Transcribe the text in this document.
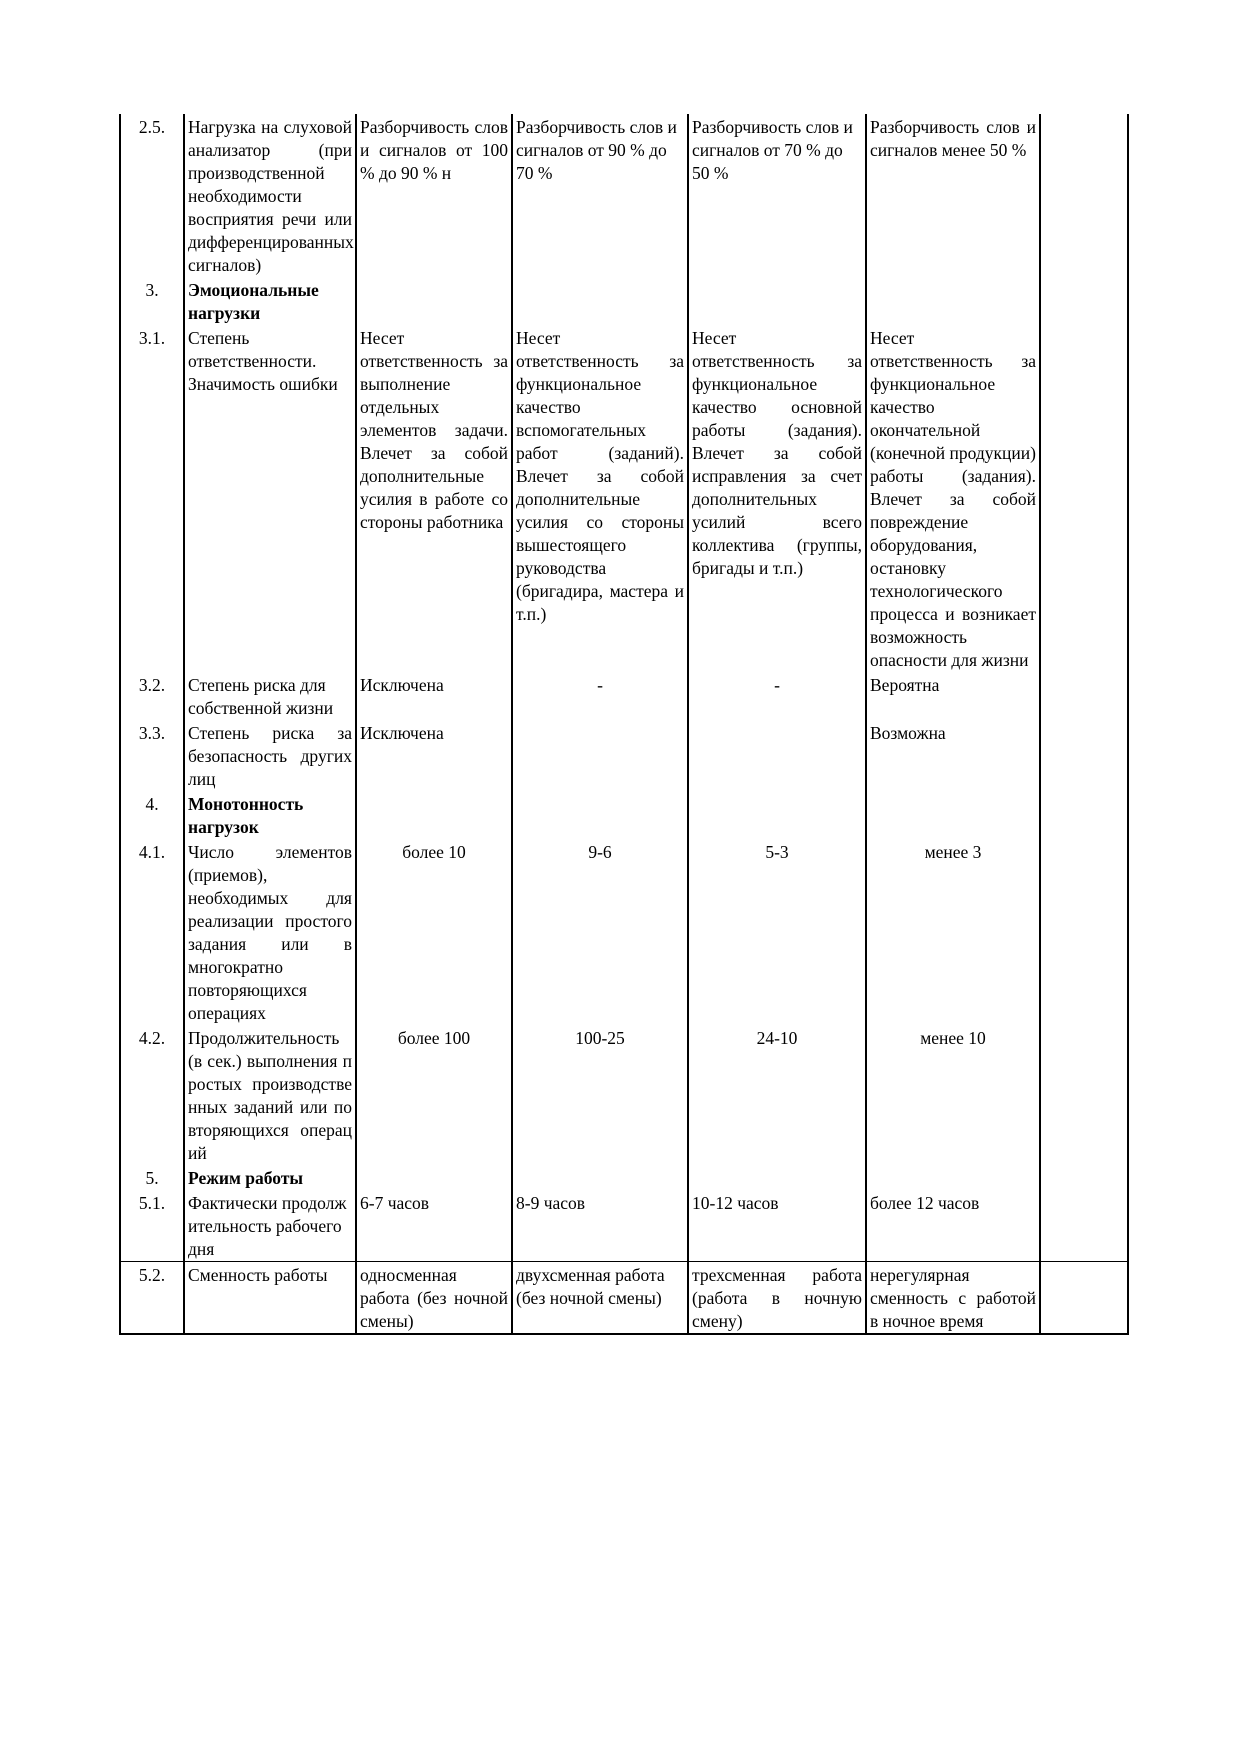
2.5.	Нагрузка на слуховой анализатор (при производственной необходимости восприятия речи или дифференцированных сигналов)	Разборчивость слов и сигналов от 100 % до 90 % н	Разборчивость слов и сигналов от 90 % до 70 %	Разборчивость слов и сигналов от 70 % до 50 %	Разборчивость слов и сигналов менее 50 %	
3.	Эмоциональные нагрузки					
3.1.	Степень ответственности. Значимость ошибки	Несет ответственность за выполнение отдельных элементов задачи. Влечет за собой дополнительные усилия в работе со стороны работника	Несет ответственность за функциональное качество вспомогательных работ (заданий). Влечет за собой дополнительные усилия со стороны вышестоящего руководства (бригадира, мастера и т.п.)	Несет ответственность за функциональное качество основной работы (задания). Влечет за собой исправления за счет дополнительных усилий всего коллектива (группы, бригады и т.п.)	Несет ответственность за функциональное качество окончательной (конечной продукции) работы (задания). Влечет за собой повреждение оборудования, остановку технологического процесса и возникает возможность опасности для жизни	
3.2.	Степень риска для собственной жизни	Исключена	-	-	Вероятна	
3.3.	Степень риска за безопасность других лиц	Исключена			Возможна	
4.	Монотонность нагрузок					
4.1.	Число элементов (приемов), необходимых для реализации простого задания или в многократно повторяющихся операциях	более 10	9-6	5-3	менее 3	
4.2.	Продолжительность (в сек.) выполнения простых производственных заданий или повторяющихся операций	более 100	100-25	24-10	менее 10	
5.	Режим работы					
5.1.	Фактически продолжительность рабочего дня	6-7 часов	8-9 часов	10-12 часов	более 12 часов	
5.2.	Сменность работы	односменная работа (без ночной смены)	двухсменная работа (без ночной смены)	трехсменная работа (работа в ночную смену)	нерегулярная сменность с работой в ночное время	
